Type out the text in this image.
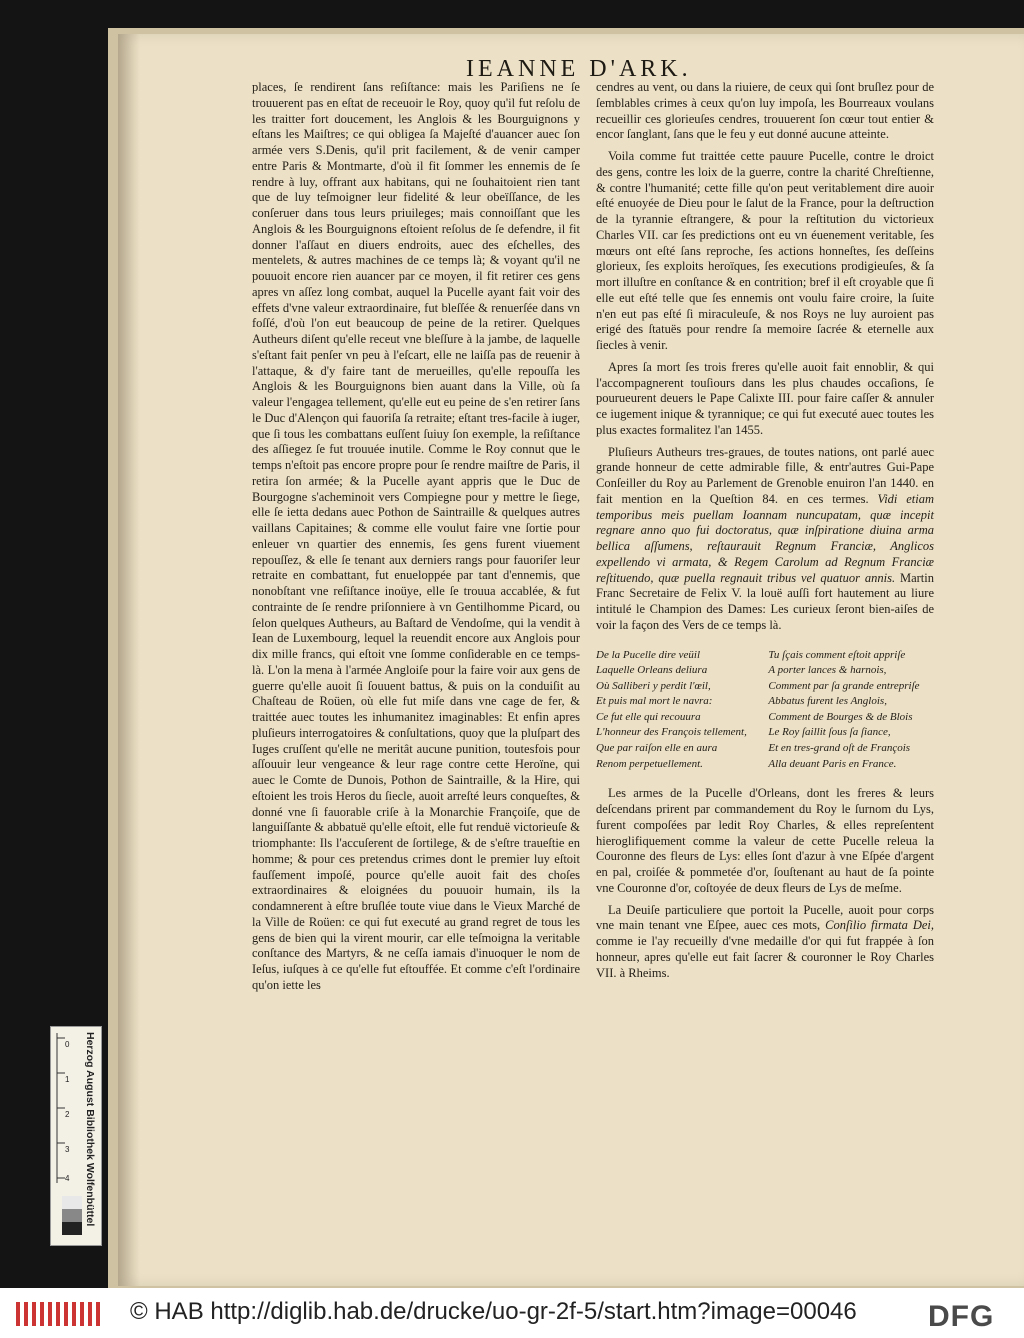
IEANNE D'ARK.

places, ſe rendirent ſans reſiſtance: mais les Pariſiens ne ſe trouuerent pas en eſtat de receuoir le Roy, quoy qu'il fut reſolu de les traitter fort doucement, les Anglois & les Bourguignons y eſtans les Maiſtres; ce qui obligea ſa Majeſté d'auancer auec ſon armée vers S.Denis, qu'il prit facilement, & de venir camper entre Paris & Montmarte, d'où il fit ſommer les ennemis de ſe rendre à luy, offrant aux habitans, qui ne ſouhaitoient rien tant que de luy teſmoigner leur fidelité & leur obeïſſance, de les conſeruer dans tous leurs priuileges; mais connoiſſant que les Anglois & les Bourguignons eſtoient reſolus de ſe defendre, il fit donner l'aſſaut en diuers endroits, auec des eſchelles, des mentelets, & autres machines de ce temps là; & voyant qu'il ne pouuoit encore rien auancer par ce moyen, il fit retirer ces gens apres vn aſſez long combat, auquel la Pucelle ayant fait voir des effets d'vne valeur extraordinaire, fut bleſſée & renuerſée dans vn foſſé, d'où l'on eut beaucoup de peine de la retirer. Quelques Autheurs diſent qu'elle receut vne bleſſure à la jambe, de laquelle s'eſtant fait penſer vn peu à l'eſcart, elle ne laiſſa pas de reuenir à l'attaque, & d'y faire tant de merueilles, qu'elle repouſſa les Anglois & les Bourguignons bien auant dans la Ville, où ſa valeur l'engagea tellement, qu'elle eut eu peine de s'en retirer ſans le Duc d'Alençon qui fauoriſa ſa retraite; eſtant tres-facile à iuger, que ſi tous les combattans euſſent ſuiuy ſon exemple, la reſiſtance des aſſiegez ſe fut trouuée inutile. Comme le Roy connut que le temps n'eſtoit pas encore propre pour ſe rendre maiſtre de Paris, il retira ſon armée; & la Pucelle ayant appris que le Duc de Bourgogne s'acheminoit vers Compiegne pour y mettre le ſiege, elle ſe ietta dedans auec Pothon de Saintraille & quelques autres vaillans Capitaines; & comme elle voulut faire vne ſortie pour enleuer vn quartier des ennemis, ſes gens furent viuement repouſſez, & elle ſe tenant aux derniers rangs pour fauoriſer leur retraite en combattant, fut enueloppée par tant d'ennemis, que nonobſtant vne reſiſtance inoüye, elle ſe trouua accablée, & fut contrainte de ſe rendre priſonniere à vn Gentilhomme Picard, ou ſelon quelques Autheurs, au Baſtard de Vendoſme, qui la vendit à Iean de Luxembourg, lequel la reuendit encore aux Anglois pour dix mille francs, qui eſtoit vne ſomme conſiderable en ce temps-là. L'on la mena à l'armée Angloiſe pour la faire voir aux gens de guerre qu'elle auoit ſi ſouuent battus, & puis on la conduiſit au Chaſteau de Roüen, où elle fut miſe dans vne cage de fer, & traittée auec toutes les inhumanitez imaginables: Et enfin apres pluſieurs interrogatoires & conſultations, quoy que la pluſpart des Iuges cruſſent qu'elle ne meritât aucune punition, toutesfois pour aſſouuir leur vengeance & leur rage contre cette Heroïne, qui auec le Comte de Dunois, Pothon de Saintraille, & la Hire, qui eſtoient les trois Heros du ſiecle, auoit arreſté leurs conqueſtes, & donné vne ſi fauorable criſe à la Monarchie Françoiſe, que de languiſſante & abbatuë qu'elle eſtoit, elle fut renduë victorieuſe & triomphante: Ils l'accuſerent de ſortilege, & de s'eſtre traueſtie en homme; & pour ces pretendus crimes dont le premier luy eſtoit fauſſement impoſé, pource qu'elle auoit fait des choſes extraordinaires & eloignées du pouuoir humain, ils la condamnerent à eſtre bruſlée toute viue dans le Vieux Marché de la Ville de Roüen: ce qui fut executé au grand regret de tous les gens de bien qui la virent mourir, car elle teſmoigna la veritable conſtance des Martyrs, & ne ceſſa iamais d'inuoquer le nom de Ieſus, iuſques à ce qu'elle fut eſtouffée. Et comme c'eſt l'ordinaire qu'on iette les

cendres au vent, ou dans la riuiere, de ceux qui ſont bruſlez pour de ſemblables crimes à ceux qu'on luy impoſa, les Bourreaux voulans recueillir ces glorieuſes cendres, trouuerent ſon cœur tout entier & encor ſanglant, ſans que le feu y eut donné aucune atteinte.

Voila comme fut traittée cette pauure Pucelle, contre le droict des gens, contre les loix de la guerre, contre la charité Chreſtienne, & contre l'humanité; cette fille qu'on peut veritablement dire auoir eſté enuoyée de Dieu pour le ſalut de la France, pour la deſtruction de la tyrannie eſtrangere, & pour la reſtitution du victorieux Charles VII. car ſes predictions ont eu vn éuenement veritable, ſes mœurs ont eſté ſans reproche, ſes actions honneſtes, ſes deſſeins glorieux, ſes exploits heroïques, ſes executions prodigieuſes, & ſa mort illuſtre en conſtance & en contrition; bref il eſt croyable que ſi elle eut eſté telle que ſes ennemis ont voulu faire croire, la ſuite n'en eut pas eſté ſi miraculeuſe, & nos Roys ne luy auroient pas erigé des ſtatuës pour rendre ſa memoire ſacrée & eternelle aux ſiecles à venir.

Apres ſa mort ſes trois freres qu'elle auoit fait ennoblir, & qui l'accompagnerent touſiours dans les plus chaudes occaſions, ſe pourueurent deuers le Pape Calixte III. pour faire caſſer & annuler ce iugement inique & tyrannique; ce qui fut executé auec toutes les plus exactes formalitez l'an 1455.

Pluſieurs Autheurs tres-graues, de toutes nations, ont parlé auec grande honneur de cette admirable fille, & entr'autres Gui-Pape Conſeiller du Roy au Parlement de Grenoble enuiron l'an 1440. en fait mention en la Queſtion 84. en ces termes. Vidi etiam temporibus meis puellam Ioannam nuncupatam, quæ incepit regnare anno quo fui doctoratus, quæ inſpiratione diuina arma bellica aſſumens, reſtaurauit Regnum Franciæ, Anglicos expellendo vi armata, & Regem Carolum ad Regnum Franciæ reſtituendo, quæ puella regnauit tribus vel quatuor annis. Martin Franc Secretaire de Felix V. la louë auſſi fort hautement au liure intitulé le Champion des Dames: Les curieux ſeront bien-aiſes de voir la façon des Vers de ce temps là.

De la Pucelle dire veüil
Laquelle Orleans deliura
Où Salliberi y perdit l'œil,
Et puis mal mort le navra:
Ce fut elle qui recouura
L'honneur des François tellement,
Que par raiſon elle en aura
Renom perpetuellement.
Tu ſçais comment eſtoit appriſe
A porter lances & harnois,
Comment par ſa grande entrepriſe
Abbatus furent les Anglois,
Comment de Bourges & de Blois
Le Roy ſaillit ſous ſa ſiance,
Et en tres-grand oſt de François
Alla deuant Paris en France.

Les armes de la Pucelle d'Orleans, dont les freres & leurs deſcendans prirent par commandement du Roy le ſurnom du Lys, furent compoſées par ledit Roy Charles, & elles repreſentent hieroglifiquement comme la valeur de cette Pucelle releua la Couronne des fleurs de Lys: elles ſont d'azur à vne Eſpée d'argent en pal, croiſée & pommetée d'or, ſouſtenant au haut de ſa pointe vne Couronne d'or, coſtoyée de deux fleurs de Lys de meſme.

La Deuiſe particuliere que portoit la Pucelle, auoit pour corps vne main tenant vne Eſpee, auec ces mots, Conſilio firmata Dei, comme ie l'ay recueilly d'vne medaille d'or qui fut frappée à ſon honneur, apres qu'elle eut fait ſacrer & couronner le Roy Charles VII. à Rheims.

0
1
2
3
4 Herzog August Bibliothek Wolfenbüttel
© HAB http://diglib.hab.de/drucke/uo-gr-2f-5/start.htm?image=00046 DFG
